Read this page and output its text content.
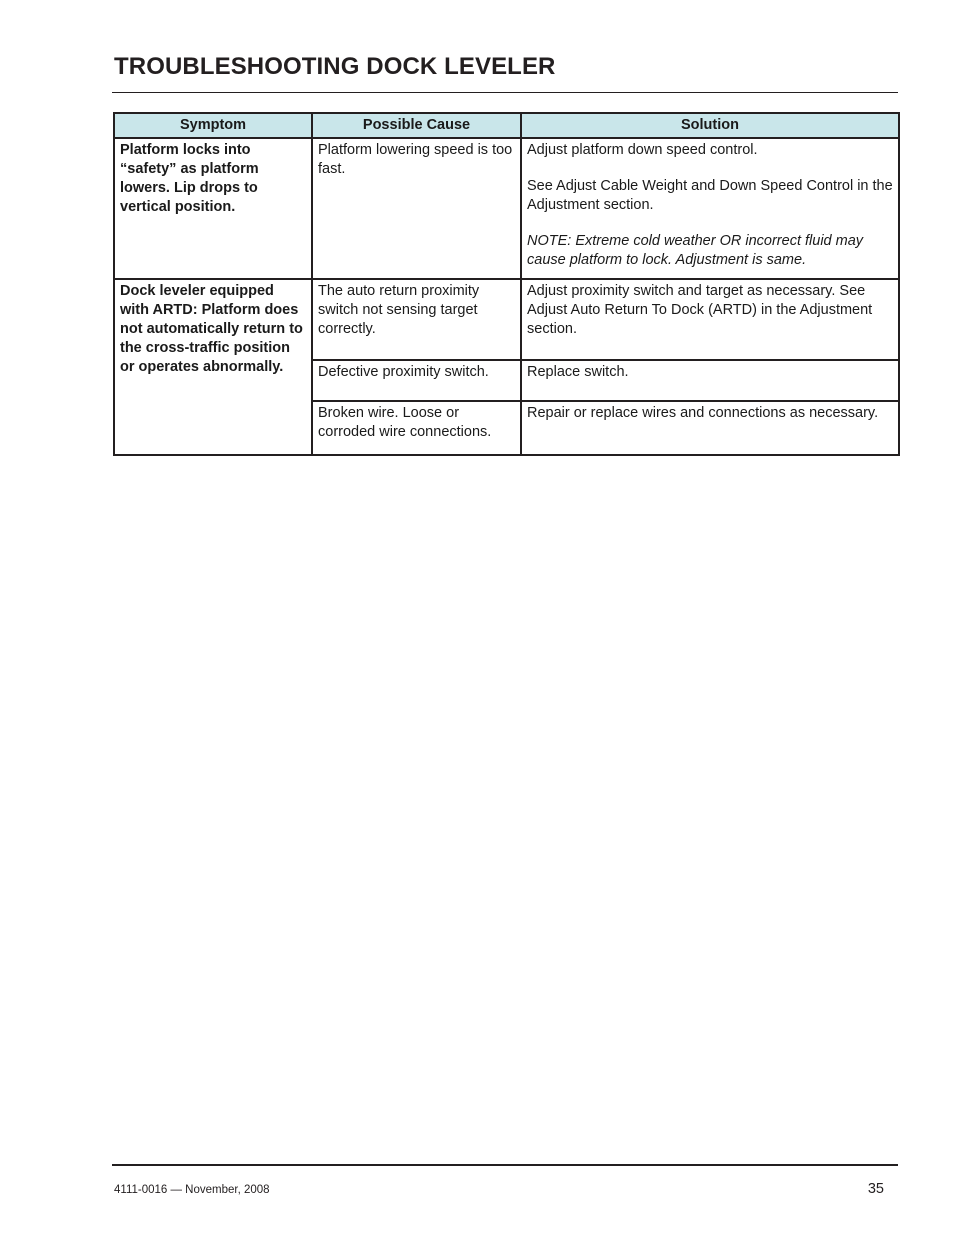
TROUBLESHOOTING DOCK LEVELER
Symptom	Possible Cause	Solution
Platform locks into “safety” as platform lowers. Lip drops to vertical position.	Platform lowering speed is too fast.	Adjust platform down speed control.

See Adjust Cable Weight and Down Speed Control in the Adjustment section.

NOTE: Extreme cold weather OR incorrect fluid may cause platform to lock. Adjustment is same.

Dock leveler equipped with ARTD: Platform does not automatically return to the cross-traffic position or operates abnormally.	The auto return proximity switch not sensing target correctly.	Adjust proximity switch and target as necessary. See Adjust Auto Return To Dock (ARTD) in the Adjustment section.

	Defective proximity switch.	Replace switch.

	Broken wire. Loose or corroded wire connections.	Repair or replace wires and connections as necessary.

4111-0016 — November, 2008	35
